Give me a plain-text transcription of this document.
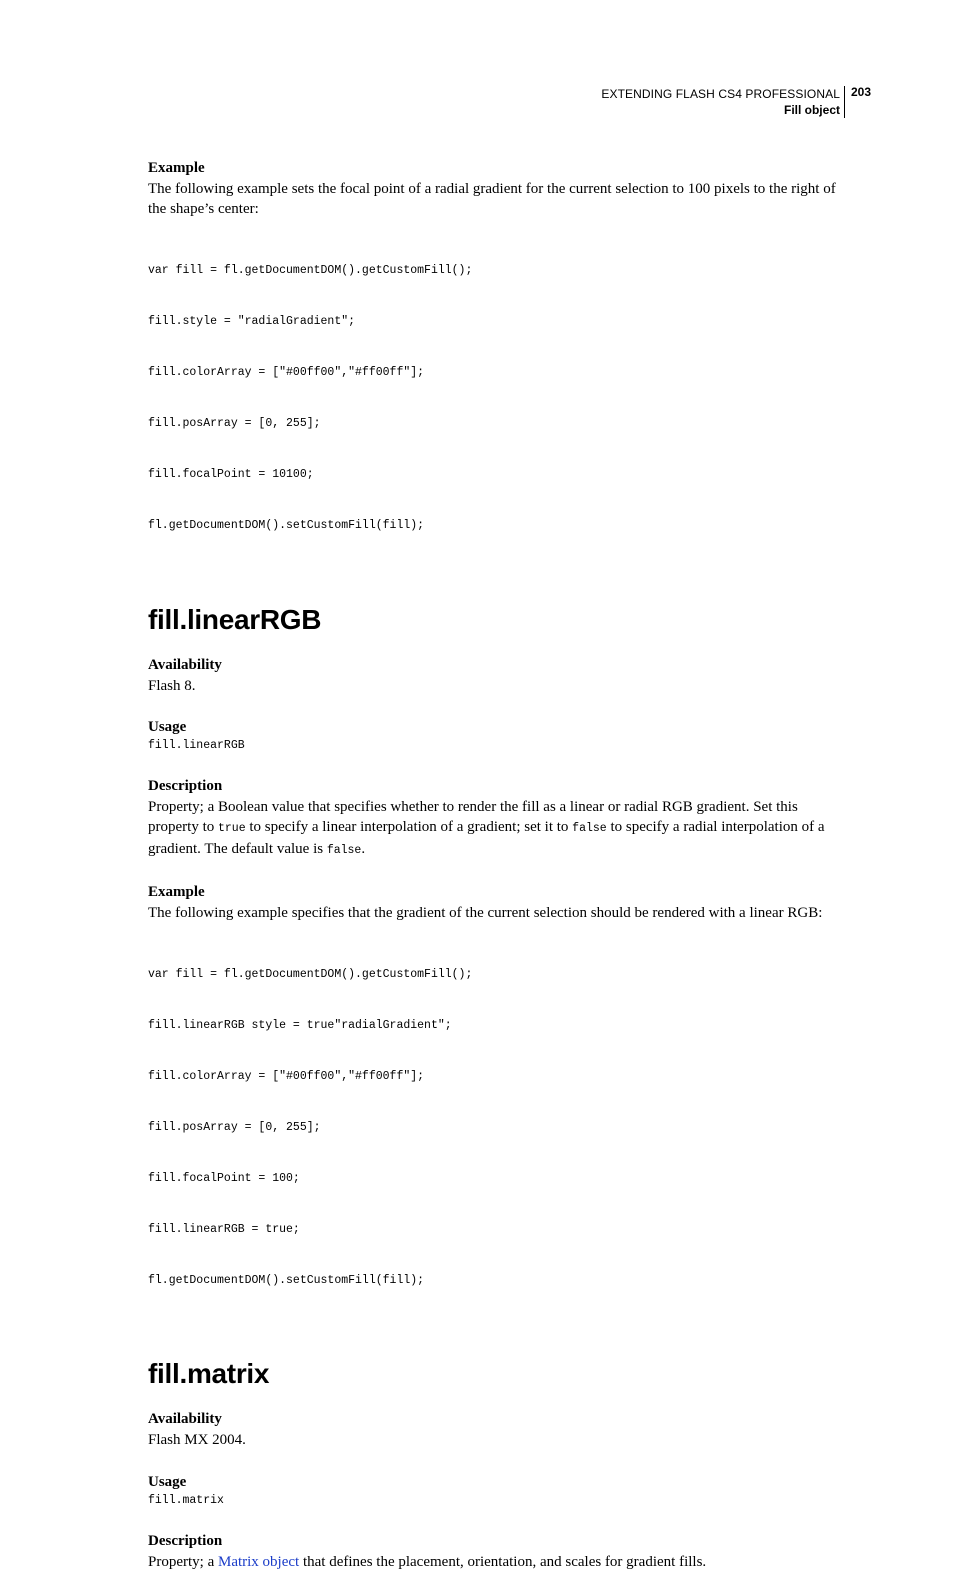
EXTENDING FLASH CS4 PROFESSIONAL
Fill object
203

Example

The following example sets the focal point of a radial gradient for the current selection to 100 pixels to the right of the shape’s center:

var fill = fl.getDocumentDOM().getCustomFill();

fill.style = "radialGradient";

fill.colorArray = ["#00ff00","#ff00ff"];

fill.posArray = [0, 255];

fill.focalPoint = 10100;

fl.getDocumentDOM().setCustomFill(fill);

fill.linearRGB

Availability

Flash 8.

Usage

fill.linearRGB

Description

Property; a Boolean value that specifies whether to render the fill as a linear or radial RGB gradient. Set this property to true to specify a linear interpolation of a gradient; set it to false to specify a radial interpolation of a gradient. The default value is false.

Example

The following example specifies that the gradient of the current selection should be rendered with a linear RGB:

var fill = fl.getDocumentDOM().getCustomFill();

fill.linearRGB style = true"radialGradient";

fill.colorArray = ["#00ff00","#ff00ff"];

fill.posArray = [0, 255];

fill.focalPoint = 100;

fill.linearRGB = true;

fl.getDocumentDOM().setCustomFill(fill);

fill.matrix

Availability

Flash MX 2004.

Usage

fill.matrix

Description

Property; a Matrix object that defines the placement, orientation, and scales for gradient fills.
